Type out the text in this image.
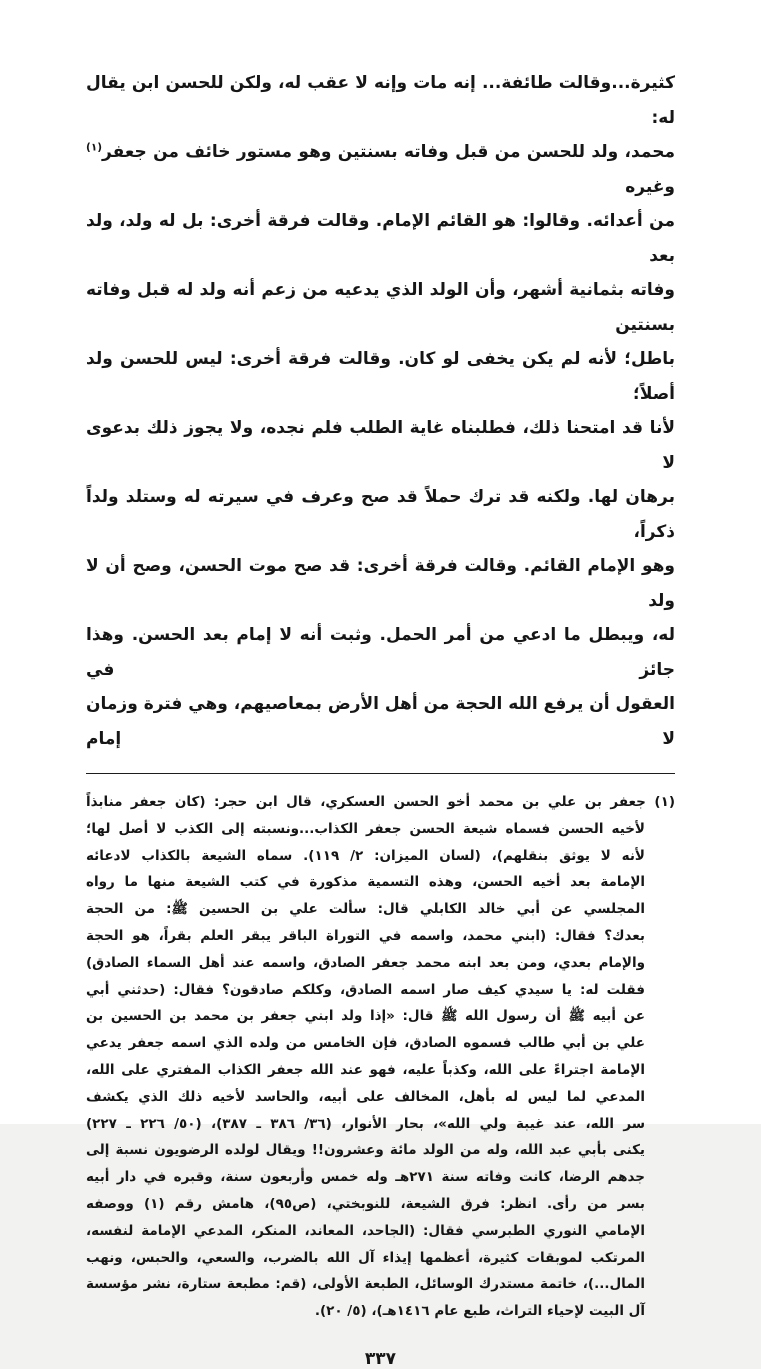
كثيرة...وقالت طائفة... إنه مات وإنه لا عقب له، ولكن للحسن ابن يقال له:
محمد، ولد للحسن من قبل وفاته بسنتين وهو مستور خائف من جعفر$^{(١)}$ وغيره
من أعدائه. وقالوا: هو القائم الإمام. وقالت فرقة أخرى: بل له ولد، ولد بعد
وفاته بثمانية أشهر، وأن الولد الذي يدعيه من زعم أنه ولد له قبل وفاته بسنتين
باطل؛ لأنه لم يكن يخفى لو كان. وقالت فرقة أخرى: ليس للحسن ولد أصلاً؛
لأنا قد امتحنا ذلك، فطلبناه غاية الطلب فلم نجده، ولا يجوز ذلك بدعوى لا
برهان لها. ولكنه قد ترك حملاً قد صح وعرف في سيرته له وستلد ولداً ذكراً،
وهو الإمام القائم. وقالت فرقة أخرى: قد صح موت الحسن، وصح أن لا ولد
له، ويبطل ما ادعي من أمر الحمل. وثبت أنه لا إمام بعد الحسن. وهذا جائز في
العقول أن يرفع الله الحجة من أهل الأرض بمعاصيهم، وهي فترة وزمان لا إمام
(١) جعفر بن علي بن محمد أخو الحسن العسكري، قال ابن حجر: (كان جعفر منابذاً
لأخيه الحسن فسماه شيعة الحسن جعفر الكذاب...ونسبته إلى الكذب لا أصل لها؛
لأنه لا يوثق بنقلهم)، (لسان الميزان: ٢/ ١١٩). سماه الشيعة بالكذاب لادعائه
الإمامة بعد أخيه الحسن، وهذه التسمية مذكورة في كتب الشيعة منها ما رواه
المجلسي عن أبي خالد الكابلي قال: سألت علي بن الحسين ﷺ: من الحجة
بعدك؟ فقال: (ابني محمد، واسمه في التوراة الباقر يبقر العلم بقراً، هو الحجة
والإمام بعدي، ومن بعد ابنه محمد جعفر الصادق، واسمه عند أهل السماء الصادق)
فقلت له: يا سيدي كيف صار اسمه الصادق، وكلكم صادقون؟ فقال: (حدثني أبي
عن أبيه ﷺ أن رسول الله ﷺ قال: «إذا ولد ابني جعفر بن محمد بن الحسين بن
علي بن أبي طالب فسموه الصادق، فإن الخامس من ولده الذي اسمه جعفر يدعي
الإمامة اجتراءً على الله، وكذباً عليه، فهو عند الله جعفر الكذاب المفتري على الله،
المدعي لما ليس له بأهل، المخالف على أبيه، والحاسد لأخيه ذلك الذي يكشف
سر الله، عند غيبة ولي الله»، بحار الأنوار، (٣٦/ ٣٨٦ ـ ٣٨٧)، (٥٠/ ٢٢٦ ـ ٢٢٧)
يكنى بأبي عبد الله، وله من الولد مائة وعشرون!! ويقال لولده الرضويون نسبة إلى
جدهم الرضا، كانت وفاته سنة ٢٧١هـ وله خمس وأربعون سنة، وقبره في دار أبيه
بسر من رأى. انظر: فرق الشيعة، للنوبختي، (ص٩٥)، هامش رقم (١) ووصفه
الإمامي النوري الطبرسي فقال: (الجاحد، المعاند، المنكر، المدعي الإمامة لنفسه،
المرتكب لموبقات كثيرة، أعظمها إيذاء آل الله بالضرب، والسعي، والحبس، ونهب
المال...)، خاتمة مستدرك الوسائل، الطبعة الأولى، (قم: مطبعة ستارة، نشر مؤسسة
آل البيت لإحياء التراث، طبع عام ١٤١٦هـ)، (٥/ ٢٠).
٣٣٧
